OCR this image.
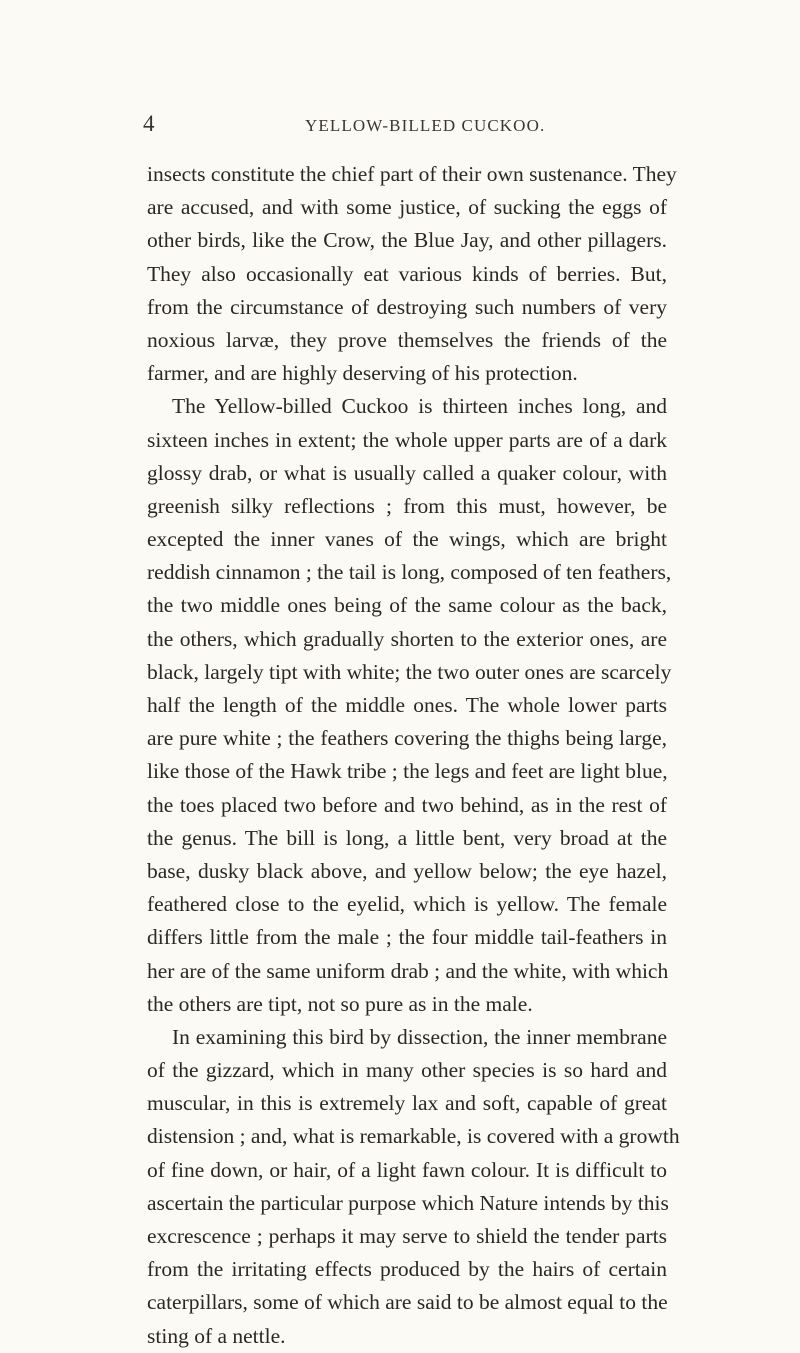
4	YELLOW-BILLED CUCKOO.
insects constitute the chief part of their own sustenance. They
are accused, and with some justice, of sucking the eggs of
other birds, like the Crow, the Blue Jay, and other pillagers.
They also occasionally eat various kinds of berries. But,
from the circumstance of destroying such numbers of very
noxious larvæ, they prove themselves the friends of the
farmer, and are highly deserving of his protection.
The Yellow-billed Cuckoo is thirteen inches long, and
sixteen inches in extent; the whole upper parts are of a dark
glossy drab, or what is usually called a quaker colour, with
greenish silky reflections ; from this must, however, be
excepted the inner vanes of the wings, which are bright
reddish cinnamon ; the tail is long, composed of ten feathers,
the two middle ones being of the same colour as the back,
the others, which gradually shorten to the exterior ones, are
black, largely tipt with white; the two outer ones are scarcely
half the length of the middle ones. The whole lower parts
are pure white ; the feathers covering the thighs being large,
like those of the Hawk tribe ; the legs and feet are light blue,
the toes placed two before and two behind, as in the rest of
the genus. The bill is long, a little bent, very broad at the
base, dusky black above, and yellow below; the eye hazel,
feathered close to the eyelid, which is yellow. The female
differs little from the male ; the four middle tail-feathers in
her are of the same uniform drab ; and the white, with which
the others are tipt, not so pure as in the male.
In examining this bird by dissection, the inner membrane
of the gizzard, which in many other species is so hard and
muscular, in this is extremely lax and soft, capable of great
distension ; and, what is remarkable, is covered with a growth
of fine down, or hair, of a light fawn colour. It is difficult to
ascertain the particular purpose which Nature intends by this
excrescence ; perhaps it may serve to shield the tender parts
from the irritating effects produced by the hairs of certain
caterpillars, some of which are said to be almost equal to the
sting of a nettle.
